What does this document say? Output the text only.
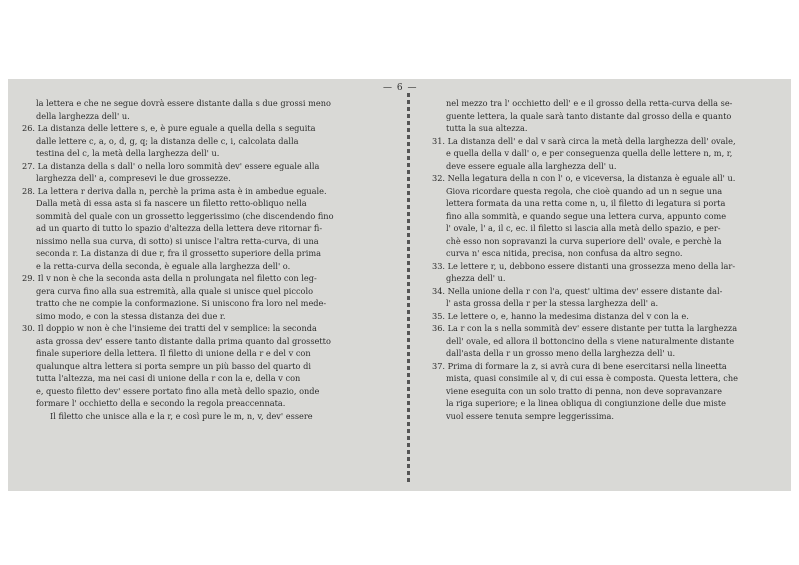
— 6 —
la lettera e che ne segue dovrà essere distante dalla s due grossi meno
della larghezza dell' u.
26. La distanza delle lettere s, e, è pure eguale a quella della s seguita
dalle lettere c, a, o, d, g, q; la distanza delle c, i, calcolata dalla
testina del c, la metà della larghezza dell' u.
27. La distanza della s dall' o nella loro sommità dev' essere eguale alla
larghezza dell' a, compresevi le due grossezze.
28. La lettera r deriva dalla n, perchè la prima asta è in ambedue eguale.
Dalla metà di essa asta si fa nascere un filetto retto-obliquo nella
sommità del quale con un grossetto leggerissimo (che discendendo fino
ad un quarto di tutto lo spazio d'altezza della lettera deve ritornar fi-
nissimo nella sua curva, di sotto) si unisce l'altra retta-curva, di una
seconda r. La distanza di due r, fra il grossetto superiore della prima
e la retta-curva della seconda, è eguale alla larghezza dell' o.
29. Il v non è che la seconda asta della n prolungata nel filetto con leg-
gera curva fino alla sua estremità, alla quale si unisce quel piccolo
tratto che ne compie la conformazione. Si uniscono fra loro nel mede-
simo modo, e con la stessa distanza dei due r.
30. Il doppio w non è che l'insieme dei tratti del v semplice: la seconda
asta grossa dev' essere tanto distante dalla prima quanto dal grossetto
finale superiore della lettera. Il filetto di unione della r e del v con
qualunque altra lettera si porta sempre un più basso del quarto di
tutta l'altezza, ma nei casi di unione della r con la e, della v con
e, questo filetto dev' essere portato fino alla metà dello spazio, onde
formare l' occhietto della e secondo la regola preaccennata.
Il filetto che unisce alla e la r, e così pure le m, n, v, dev' essere
nel mezzo tra l' occhietto dell' e e il grosso della retta-curva della se-
guente lettera, la quale sarà tanto distante dal grosso della e quanto
tutta la sua altezza.
31. La distanza dell' e dal v sarà circa la metà della larghezza dell' ovale,
e quella della v dall' o, e per conseguenza quella delle lettere n, m, r,
deve essere eguale alla larghezza dell' u.
32. Nella legatura della n con l' o, e viceversa, la distanza è eguale all' u.
Giova ricordare questa regola, che cioè quando ad un n segue una
lettera formata da una retta come n, u, il filetto di legatura si porta
fino alla sommità, e quando segue una lettera curva, appunto come
l' ovale, l' a, il c, ec. il filetto si lascia alla metà dello spazio, e per-
chè esso non sopravanzi la curva superiore dell' ovale, e perchè la
curva n' esca nitida, precisa, non confusa da altro segno.
33. Le lettere r, u, debbono essere distanti una grossezza meno della lar-
ghezza dell' u.
34. Nella unione della r con l'a, quest' ultima dev' essere distante dal-
l' asta grossa della r per la stessa larghezza dell' a.
35. Le lettere o, e, hanno la medesima distanza del v con la e.
36. La r con la s nella sommità dev' essere distante per tutta la larghezza
dell' ovale, ed allora il bottoncino della s viene naturalmente distante
dall'asta della r un grosso meno della larghezza dell' u.
37. Prima di formare la z, si avrà cura di bene esercitarsi nella lineetta
mista, quasi consimile al v, di cui essa è composta. Questa lettera, che
viene eseguita con un solo tratto di penna, non deve sopravanzare
la riga superiore; e la linea obliqua di congiunzione delle due miste
vuol essere tenuta sempre leggerissima.
